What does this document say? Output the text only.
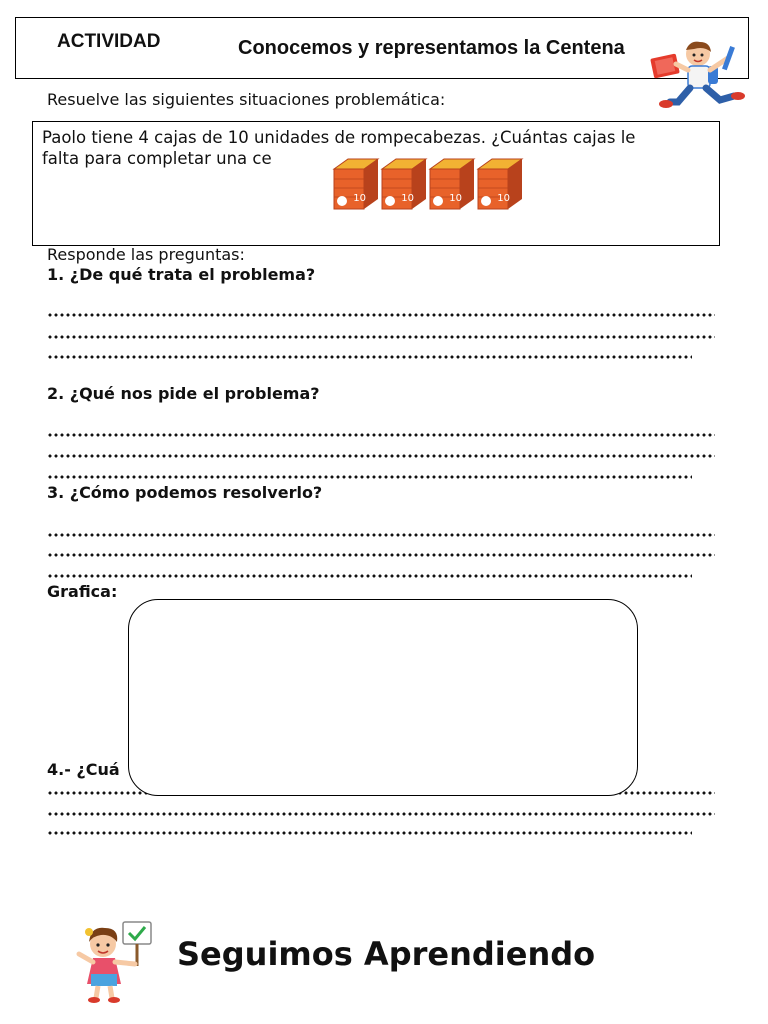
ACTIVIDAD	Conocemos y representamos la Centena
Resuelve las siguientes situaciones problemática:
Paolo tiene 4 cajas de 10 unidades de rompecabezas. ¿Cuántas cajas le
falta para completar una ce
10	10	10	10
Responde las preguntas:
1. ¿De qué trata el problema?
2. ¿Qué nos pide el problema?
3. ¿Cómo podemos resolverlo?
Grafica:
4.- ¿Cuá
Seguimos Aprendiendo
